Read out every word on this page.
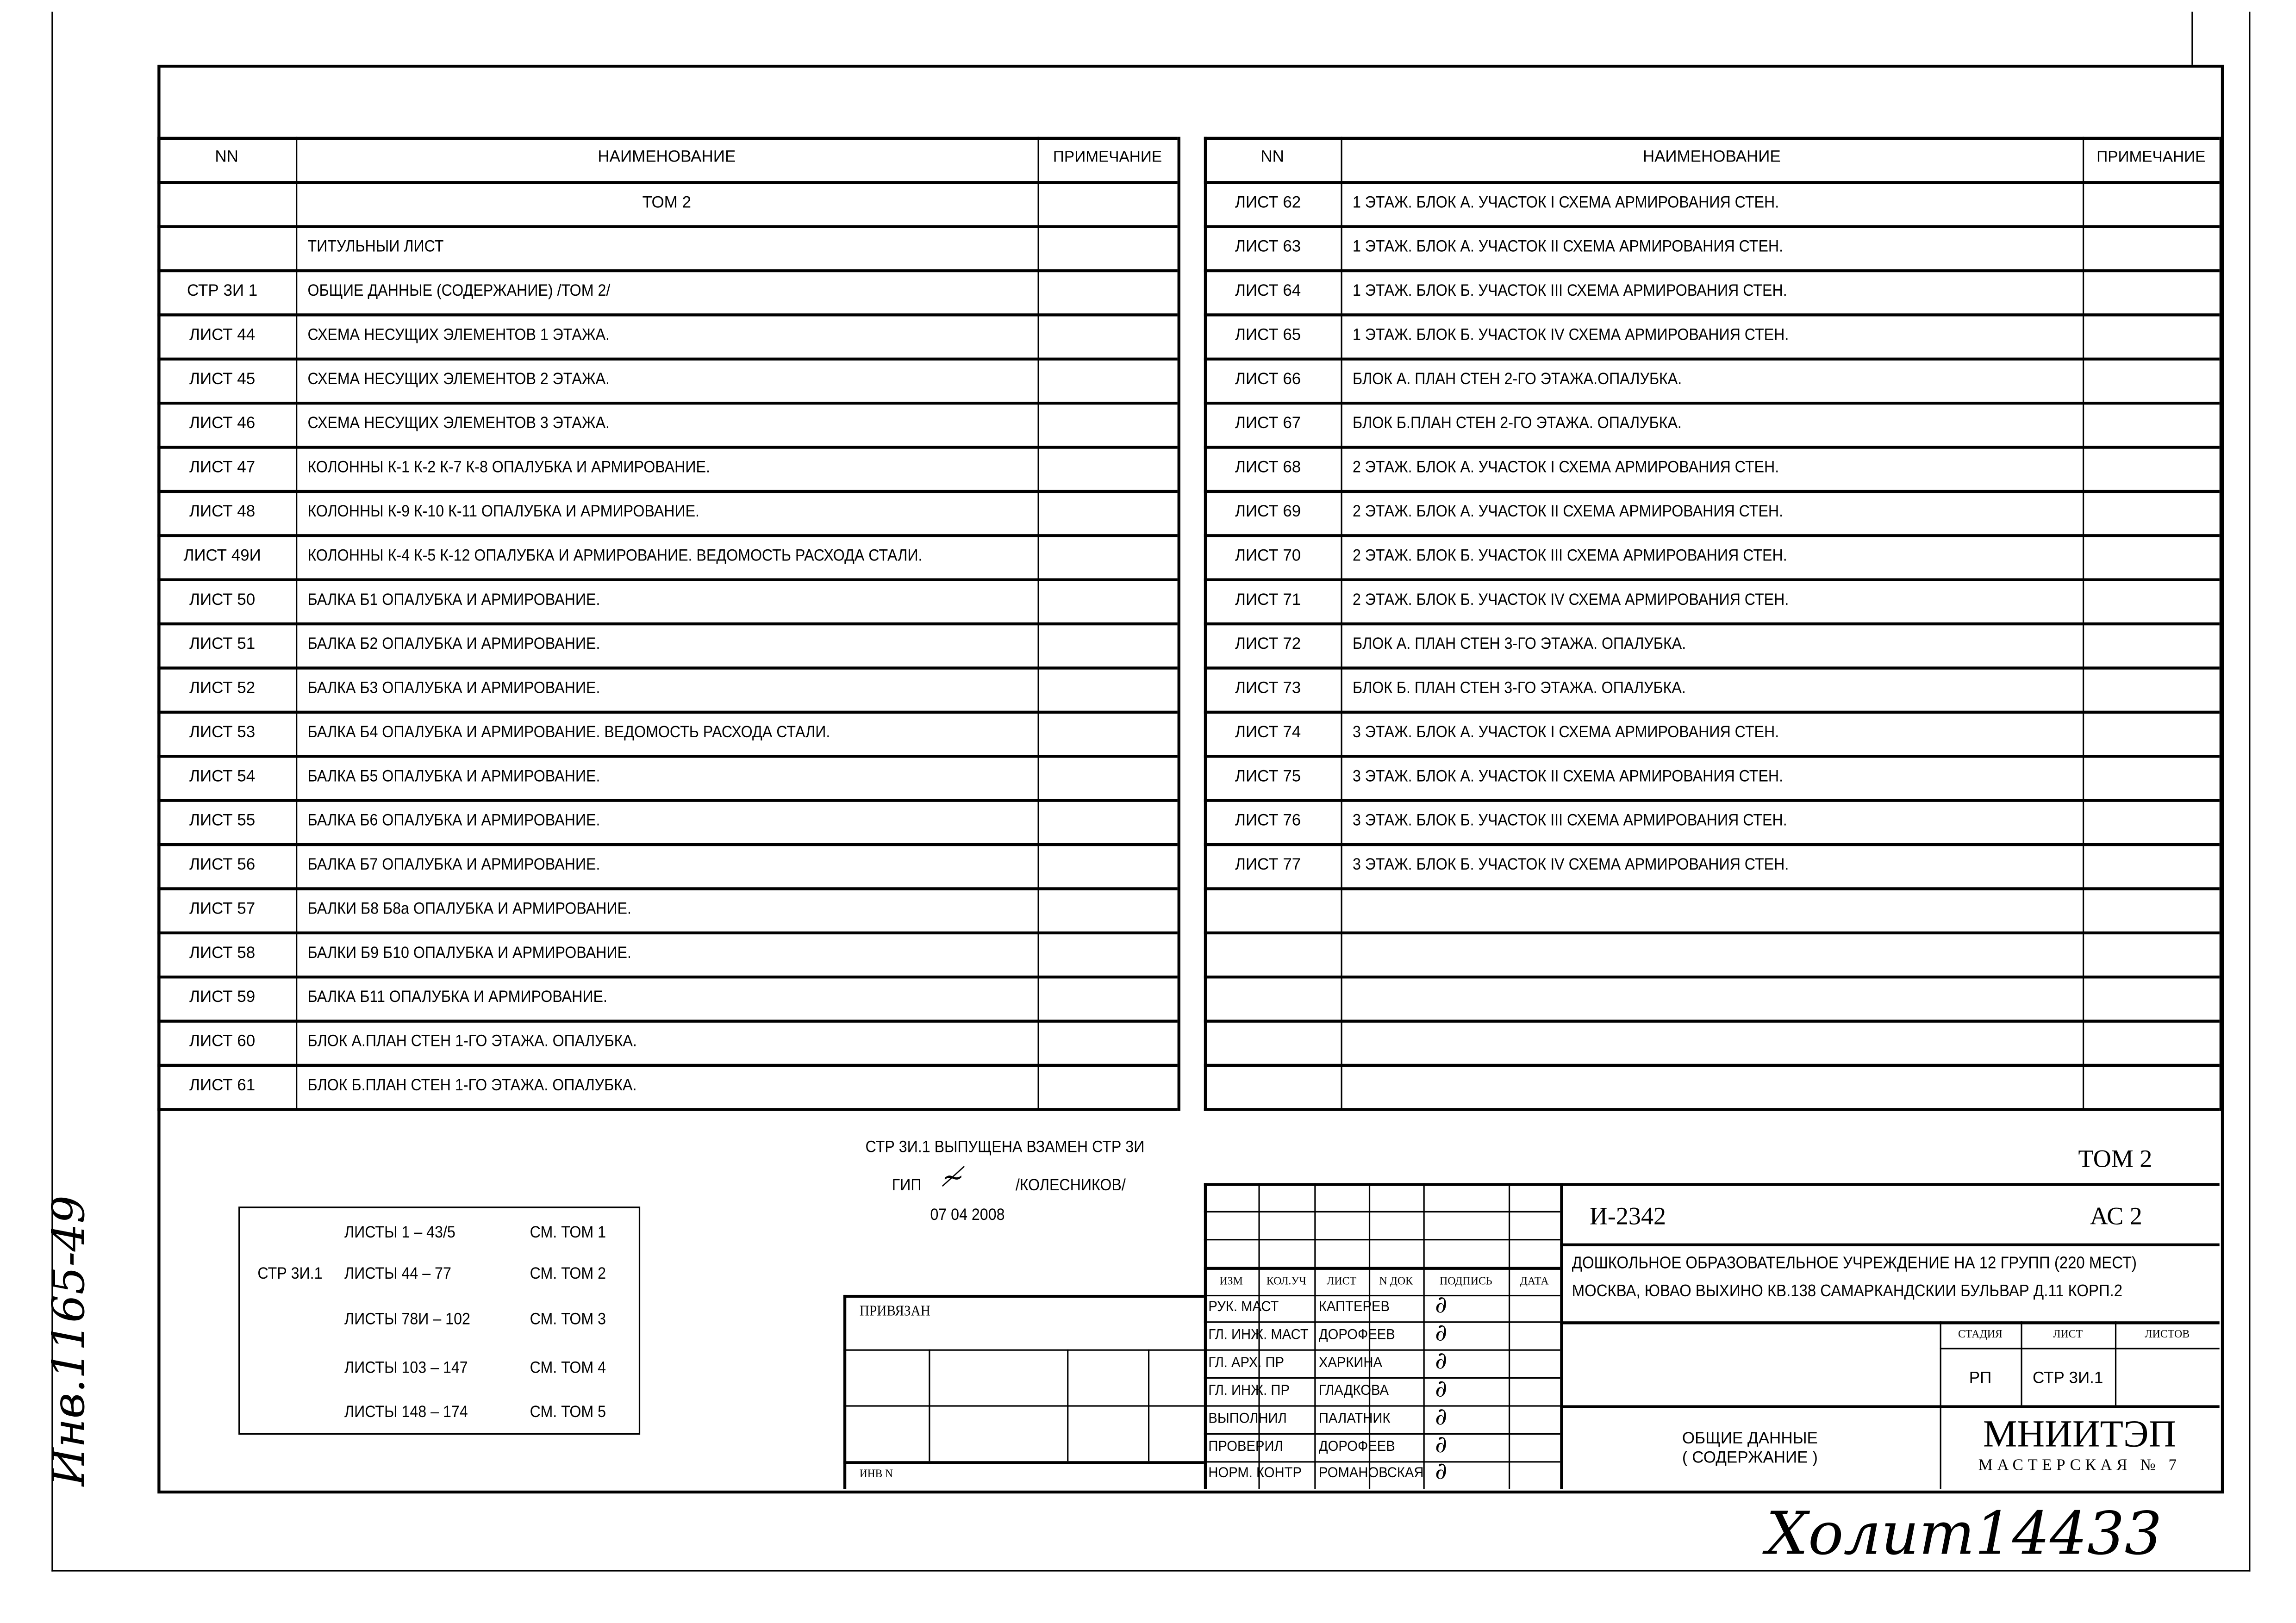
СТР 3И.1 ВЫПУЩЕНА ВЗАМЕН СТР 3И
ГИП ≁	/КОЛЕСНИКОВ/
07 04 2008
СТР 3И.1
Холит14433
Инв.1165-49
NN	НАИМЕНОВАНИЕ	ПРИМЕЧАНИЕ
ТОМ 2
ТИТУЛЬНЫИ ЛИСТ
СТР 3И 1	ОБЩИЕ ДАННЫЕ (СОДЕРЖАНИЕ) /ТОМ 2/
ЛИСТ 44	СХЕМА НЕСУЩИХ ЭЛЕМЕНТОВ 1 ЭТАЖА.
ЛИСТ 45	СХЕМА НЕСУЩИХ ЭЛЕМЕНТОВ 2 ЭТАЖА.
ЛИСТ 46	СХЕМА НЕСУЩИХ ЭЛЕМЕНТОВ 3 ЭТАЖА.
ЛИСТ 47	КОЛОННЫ К-1 К-2 К-7 К-8 ОПАЛУБКА И АРМИРОВАНИЕ.
ЛИСТ 48	КОЛОННЫ К-9 К-10 К-11 ОПАЛУБКА И АРМИРОВАНИЕ.
ЛИСТ 49И	КОЛОННЫ К-4 К-5 К-12 ОПАЛУБКА И АРМИРОВАНИЕ. ВЕДОМОСТЬ РАСХОДА СТАЛИ.
ЛИСТ 50	БАЛКА Б1 ОПАЛУБКА И АРМИРОВАНИЕ.
ЛИСТ 51	БАЛКА Б2 ОПАЛУБКА И АРМИРОВАНИЕ.
ЛИСТ 52	БАЛКА Б3 ОПАЛУБКА И АРМИРОВАНИЕ.
ЛИСТ 53	БАЛКА Б4 ОПАЛУБКА И АРМИРОВАНИЕ. ВЕДОМОСТЬ РАСХОДА СТАЛИ.
ЛИСТ 54	БАЛКА Б5 ОПАЛУБКА И АРМИРОВАНИЕ.
ЛИСТ 55	БАЛКА Б6 ОПАЛУБКА И АРМИРОВАНИЕ.
ЛИСТ 56	БАЛКА Б7 ОПАЛУБКА И АРМИРОВАНИЕ.
ЛИСТ 57	БАЛКИ Б8 Б8а ОПАЛУБКА И АРМИРОВАНИЕ.
ЛИСТ 58	БАЛКИ Б9 Б10 ОПАЛУБКА И АРМИРОВАНИЕ.
ЛИСТ 59	БАЛКА Б11 ОПАЛУБКА И АРМИРОВАНИЕ.
ЛИСТ 60	БЛОК А.ПЛАН СТЕН 1-ГО ЭТАЖА. ОПАЛУБКА.
ЛИСТ 61	БЛОК Б.ПЛАН СТЕН 1-ГО ЭТАЖА. ОПАЛУБКА.
NN	НАИМЕНОВАНИЕ	ПРИМЕЧАНИЕ
ЛИСТ 62	1 ЭТАЖ. БЛОК А. УЧАСТОК I СХЕМА АРМИРОВАНИЯ СТЕН.
ЛИСТ 63	1 ЭТАЖ. БЛОК А. УЧАСТОК II СХЕМА АРМИРОВАНИЯ СТЕН.
ЛИСТ 64	1 ЭТАЖ. БЛОК Б. УЧАСТОК III СХЕМА АРМИРОВАНИЯ СТЕН.
ЛИСТ 65	1 ЭТАЖ. БЛОК Б. УЧАСТОК IV СХЕМА АРМИРОВАНИЯ СТЕН.
ЛИСТ 66	БЛОК А. ПЛАН СТЕН 2-ГО ЭТАЖА.ОПАЛУБКА.
ЛИСТ 67	БЛОК Б.ПЛАН СТЕН 2-ГО ЭТАЖА. ОПАЛУБКА.
ЛИСТ 68	2 ЭТАЖ. БЛОК А. УЧАСТОК I СХЕМА АРМИРОВАНИЯ СТЕН.
ЛИСТ 69	2 ЭТАЖ. БЛОК А. УЧАСТОК II СХЕМА АРМИРОВАНИЯ СТЕН.
ЛИСТ 70	2 ЭТАЖ. БЛОК Б. УЧАСТОК III СХЕМА АРМИРОВАНИЯ СТЕН.
ЛИСТ 71	2 ЭТАЖ. БЛОК Б. УЧАСТОК IV СХЕМА АРМИРОВАНИЯ СТЕН.
ЛИСТ 72	БЛОК А. ПЛАН СТЕН 3-ГО ЭТАЖА. ОПАЛУБКА.
ЛИСТ 73	БЛОК Б. ПЛАН СТЕН 3-ГО ЭТАЖА. ОПАЛУБКА.
ЛИСТ 74	3 ЭТАЖ. БЛОК А. УЧАСТОК I СХЕМА АРМИРОВАНИЯ СТЕН.
ЛИСТ 75	3 ЭТАЖ. БЛОК А. УЧАСТОК II СХЕМА АРМИРОВАНИЯ СТЕН.
ЛИСТ 76	3 ЭТАЖ. БЛОК Б. УЧАСТОК III СХЕМА АРМИРОВАНИЯ СТЕН.
ЛИСТ 77	3 ЭТАЖ. БЛОК Б. УЧАСТОК IV СХЕМА АРМИРОВАНИЯ СТЕН.
ЛИСТЫ 1 – 43/5	СМ. ТОМ 1
ЛИСТЫ 44 – 77	СМ. ТОМ 2
ЛИСТЫ 78И – 102	СМ. ТОМ 3
ЛИСТЫ 103 – 147	СМ. ТОМ 4
ЛИСТЫ 148 – 174	СМ. ТОМ 5
ИЗМ	КОЛ.УЧ	ЛИСТ	N ДОК	ПОДПИСЬ	ДАТА
РУК. МАСТ	КАПТЕРЕВ	∂
ГЛ. ИНЖ. МАСТ ДОРОФЕЕВ	∂
ГЛ. АРХ. ПР	ХАРКИНА	∂
ГЛ. ИНЖ. ПР	ГЛАДКОВА	∂
ВЫПОЛНИЛ	ПАЛАТНИК	∂
ПРОВЕРИЛ	ДОРОФЕЕВ	∂
НОРМ. КОНТР	РОМАНОВСКАЯ ∂
ПРИВЯЗАН
ИНВ N
ТОМ 2
И-2342	АС 2
ДОШКОЛЬНОЕ ОБРАЗОВАТЕЛЬНОЕ УЧРЕЖДЕНИЕ НА 12 ГРУПП (220 МЕСТ)
МОСКВА, ЮВАО ВЫХИНО КВ.138 САМАРКАНДСКИИ БУЛЬВАР Д.11 КОРП.2
СТАДИЯ	ЛИСТ	ЛИСТОВ
РП	СТР 3И.1
ОБЩИЕ ДАННЫЕ
( СОДЕРЖАНИЕ )
МНИИТЭП
МАСТЕРСКАЯ № 7
